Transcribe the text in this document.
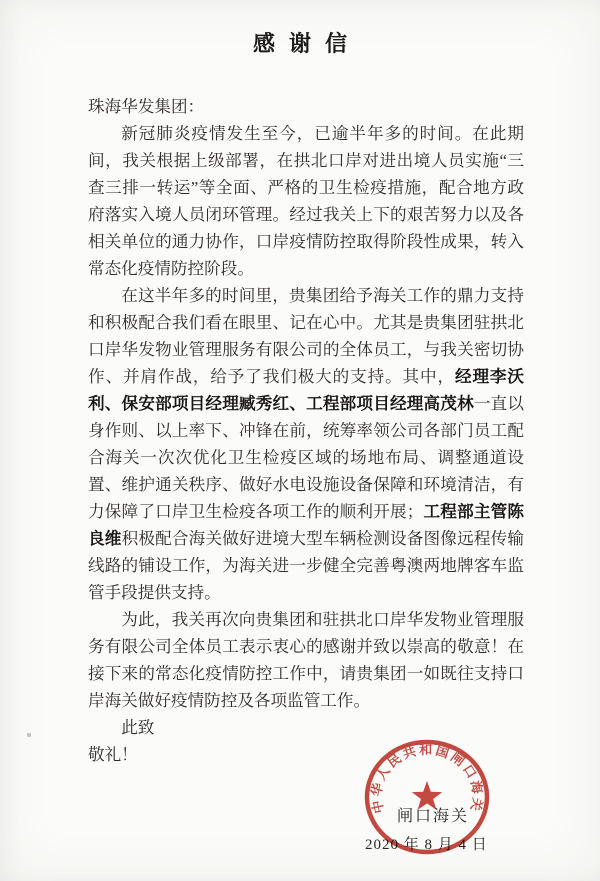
感谢信

珠海华发集团：

新冠肺炎疫情发生至今，已逾半年多的时间。在此期间，我关根据上级部署，在拱北口岸对进出境人员实施“三查三排一转运”等全面、严格的卫生检疫措施，配合地方政府落实入境人员闭环管理。经过我关上下的艰苦努力以及各相关单位的通力协作，口岸疫情防控取得阶段性成果，转入常态化疫情防控阶段。

在这半年多的时间里，贵集团给予海关工作的鼎力支持和积极配合我们看在眼里、记在心中。尤其是贵集团驻拱北口岸华发物业管理服务有限公司的全体员工，与我关密切协作、并肩作战，给予了我们极大的支持。其中，经理李沃利、保安部项目经理臧秀红、工程部项目经理高茂林一直以身作则、以上率下、冲锋在前，统筹率领公司各部门员工配合海关一次次优化卫生检疫区域的场地布局、调整通道设置、维护通关秩序、做好水电设施设备保障和环境清洁，有力保障了口岸卫生检疫各项工作的顺利开展；工程部主管陈良维积极配合海关做好进境大型车辆检测设备图像远程传输线路的铺设工作，为海关进一步健全完善粤澳两地牌客车监管手段提供支持。

为此，我关再次向贵集团和驻拱北口岸华发物业管理服务有限公司全体员工表示衷心的感谢并致以崇高的敬意！在接下来的常态化疫情防控工作中，请贵集团一如既往支持口岸海关做好疫情防控及各项监管工作。

此致

敬礼！

闸口海关
2020 年 8 月 4 日
中华人民共和国闸口海关
